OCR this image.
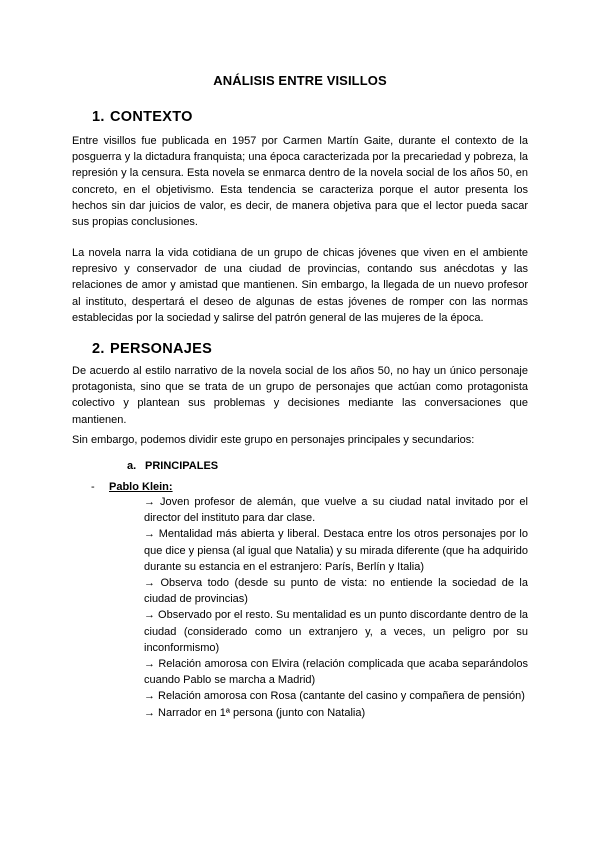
ANÁLISIS ENTRE VISILLOS
1. CONTEXTO

Entre visillos fue publicada en 1957 por Carmen Martín Gaite, durante el contexto de la posguerra y la dictadura franquista; una época caracterizada por la precariedad y pobreza, la represión y la censura. Esta novela se enmarca dentro de la novela social de los años 50, en concreto, en el objetivismo. Esta tendencia se caracteriza porque el autor presenta los hechos sin dar juicios de valor, es decir, de manera objetiva para que el lector pueda sacar sus propias conclusiones.

La novela narra la vida cotidiana de un grupo de chicas jóvenes que viven en el ambiente represivo y conservador de una ciudad de provincias, contando sus anécdotas y las relaciones de amor y amistad que mantienen. Sin embargo, la llegada de un nuevo profesor al instituto, despertará el deseo de algunas de estas jóvenes de romper con las normas establecidas por la sociedad y salirse del patrón general de las mujeres de la época.

2. PERSONAJES

De acuerdo al estilo narrativo de la novela social de los años 50, no hay un único personaje protagonista, sino que se trata de un grupo de personajes que actúan como protagonista colectivo y plantean sus problemas y decisiones mediante las conversaciones que mantienen.

Sin embargo, podemos dividir este grupo en personajes principales y secundarios:

a. PRINCIPALES
- Pablo Klein:
→ Joven profesor de alemán, que vuelve a su ciudad natal invitado por el director del instituto para dar clase.
→ Mentalidad más abierta y liberal. Destaca entre los otros personajes por lo que dice y piensa (al igual que Natalia) y su mirada diferente (que ha adquirido durante su estancia en el estranjero: París, Berlín y Italia)
→ Observa todo (desde su punto de vista: no entiende la sociedad de la ciudad de provincias)
→ Observado por el resto. Su mentalidad es un punto discordante dentro de la ciudad (considerado como un extranjero y, a veces, un peligro por su inconformismo)
→ Relación amorosa con Elvira (relación complicada que acaba separándolos cuando Pablo se marcha a Madrid)
→ Relación amorosa con Rosa (cantante del casino y compañera de pensión)
→ Narrador en 1ª persona (junto con Natalia)
